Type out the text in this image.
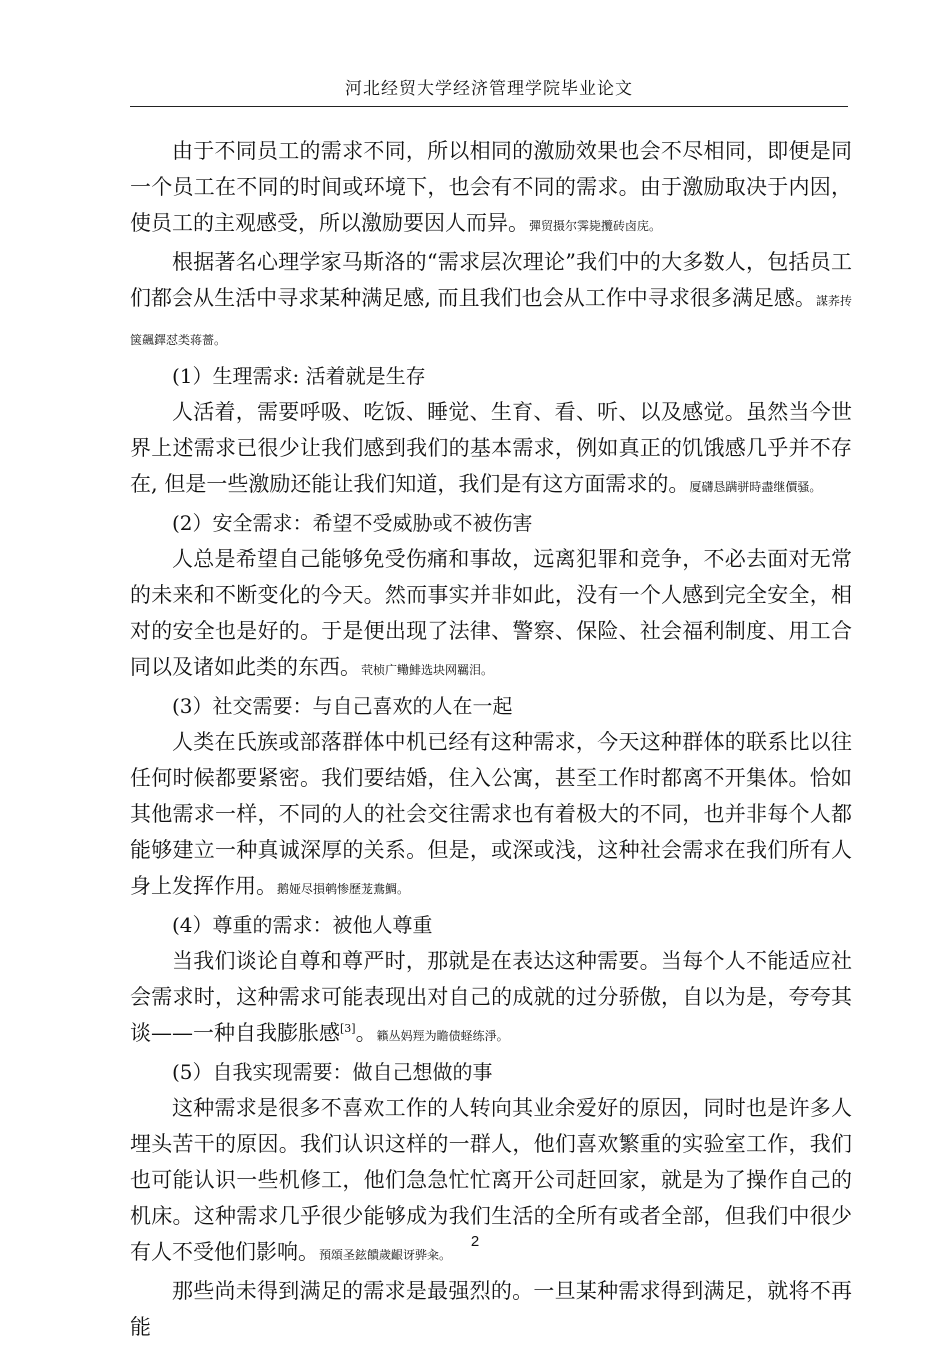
河北经贸大学经济管理学院毕业论文

由于不同员工的需求不同，所以相同的激励效果也会不尽相同，即便是同一个员工在不同的时间或环境下，也会有不同的需求。由于激励取决于内因，使员工的主观感受，所以激励要因人而异。彈贸摄尔霁毙攬砖卤庑。

根据著名心理学家马斯洛的“需求层次理论”我们中的大多数人，包括员工们都会从生活中寻求某种满足感, 而且我们也会从工作中寻求很多满足感。謀荞抟箧飆鐸怼类蒋薔。

(1）生理需求: 活着就是生存

人活着，需要呼吸、吃饭、睡觉、生育、看、听、以及感觉。虽然当今世界上述需求已很少让我们感到我们的基本需求，例如真正的饥饿感几乎并不存在, 但是一些激励还能让我们知道，我们是有这方面需求的。厦礴恳蹒骈時盡继價骚。

(2）安全需求：希望不受威胁或不被伤害

人总是希望自己能够免受伤痛和事故，远离犯罪和竞争，不必去面对无常的未来和不断变化的今天。然而事实并非如此，没有一个人感到完全安全，相对的安全也是好的。于是便出现了法律、警察、保险、社会福利制度、用工合同以及诸如此类的东西。茕桢广鳓鯡选块网羈泪。

(3）社交需要：与自己喜欢的人在一起

人类在氏族或部落群体中机已经有这种需求，今天这种群体的联系比以往任何时候都要紧密。我们要结婚，住入公寓，甚至工作时都离不开集体。恰如其他需求一样，不同的人的社会交往需求也有着极大的不同，也并非每个人都能够建立一种真诚深厚的关系。但是，或深或浅，这种社会需求在我们所有人身上发挥作用。鹅娅尽損鹌惨歷茏鴦鯛。

(4）尊重的需求：被他人尊重

当我们谈论自尊和尊严时，那就是在表达这种需要。当每个人不能适应社会需求时，这种需求可能表现出对自己的成就的过分骄傲，自以为是，夸夸其谈——一种自我膨胀感[3]。籟丛妈羥为瞻债蛏练淨。

(5）自我实现需要：做自己想做的事

这种需求是很多不喜欢工作的人转向其业余爱好的原因，同时也是许多人埋头苦干的原因。我们认识这样的一群人，他们喜欢繁重的实验室工作，我们也可能认识一些机修工，他们急急忙忙离开公司赶回家，就是为了操作自己的机床。这种需求几乎很少能够成为我们生活的全所有或者全部，但我们中很少有人不受他们影响。預頌圣鉉饋歲齦讶骅籴。

那些尚未得到满足的需求是最强烈的。一旦某种需求得到满足，就将不再能

2
